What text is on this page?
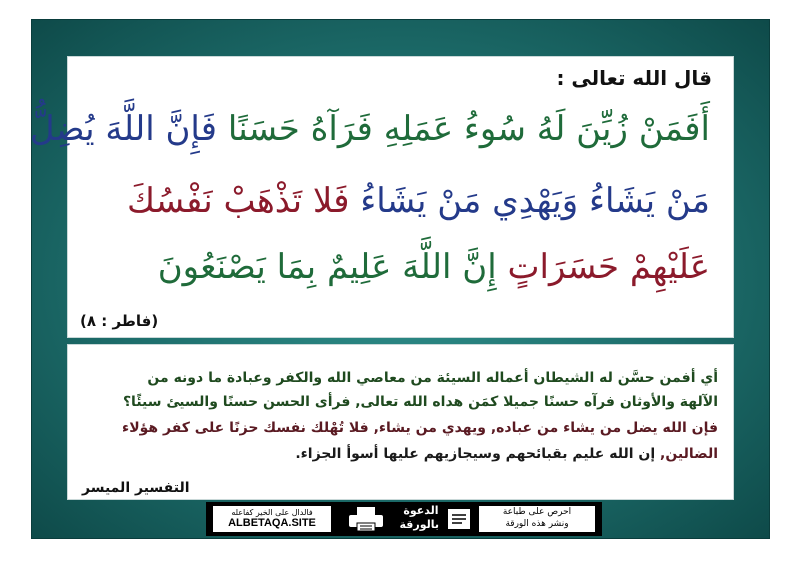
قال الله تعالى :
أَفَمَنْ زُيِّنَ لَهُ سُوءُ عَمَلِهِ فَرَآهُ حَسَنًا فَإِنَّ اللَّهَ يُضِلُّ
مَنْ يَشَاءُ وَيَهْدِي مَنْ يَشَاءُ فَلا تَذْهَبْ نَفْسُكَ
عَلَيْهِمْ حَسَرَاتٍ إِنَّ اللَّهَ عَلِيمٌ بِمَا يَصْنَعُونَ
(فاطر : ٨)
أي أفمن حسَّن له الشيطان أعماله السيئة من معاصي الله والكفر وعبادة ما دونه من
الآلهة والأوثان فرآه حسنًا جميلا كمَن هداه الله تعالى, فرأى الحسن حسنًا والسيئ سيئًا؟
فإن الله يضل من يشاء من عباده, ويهدي من يشاء, فلا تُهْلك نفسك حزنًا على كفر هؤلاء
الضالين, إن الله عليم بقبائحهم وسيجازيهم عليها أسوأ الجزاء.
التفسير الميسر
فالدال على الخير كفاعله
ALBETAQA.SITE
الدعوة بالورقة
احرص على طباعة
ونشر هذه الورقة
